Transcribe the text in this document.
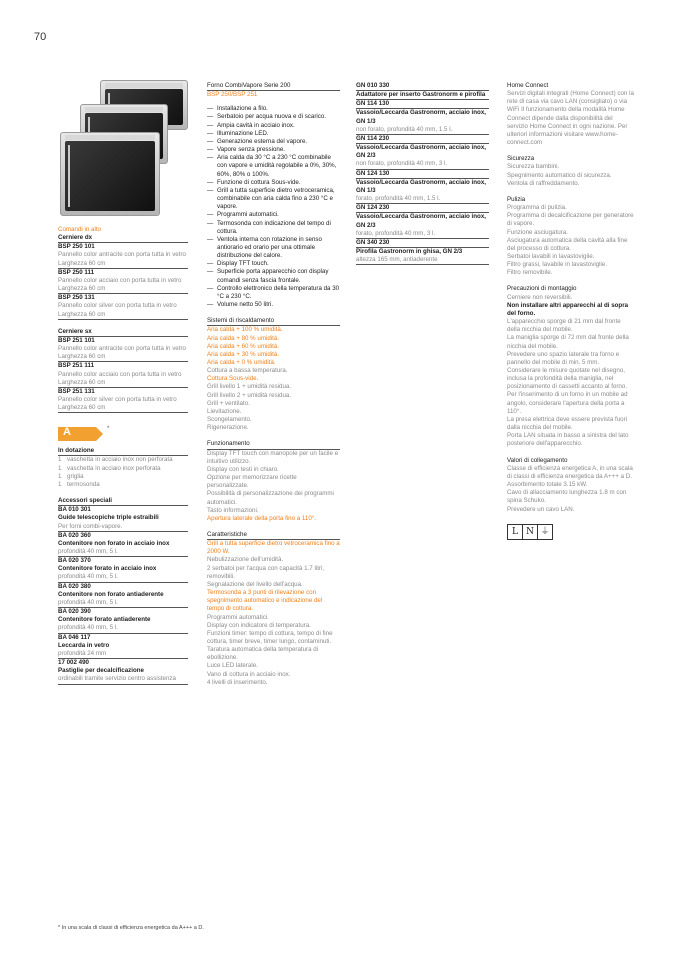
70
Comandi in alto
Cerniere dx
BSP 250 101
Pannello color antracite con porta tutta in vetro
Larghezza 60 cm
BSP 250 111
Pannello color acciaio con porta tutta in vetro
Larghezza 60 cm
BSP 250 131
Pannello color silver con porta tutta in vetro
Larghezza 60 cm
Cerniere sx
BSP 251 101
Pannello color antracite con porta tutta in vetro
Larghezza 60 cm
BSP 251 111
Pannello color acciaio con porta tutta in vetro
Larghezza 60 cm
BSP 251 131
Pannello color silver con porta tutta in vetro
Larghezza 60 cm
A	*
In dotazione
1 vaschetta in acciaio inox non perforata
1 vaschetta in acciaio inox perforata
1 griglia
1 termosonda
Accessori speciali
BA 010 301
Guide telescopiche triple estraibili
Per forni combi-vapore.
BA 020 360
Contenitore non forato in acciaio inox
profondità 40 mm, 5 l.
BA 020 370
Contenitore forato in acciaio inox
profondità 40 mm, 5 l.
BA 020 380
Contenitore non forato antiaderente
profondità 40 mm, 5 l.
BA 020 390
Contenitore forato antiaderente
profondità 40 mm, 5 l.
BA 046 117
Leccarda in vetro
profondità 24 mm
17 002 490
Pastiglie per decalcificazione
ordinabili tramite servizio centro assistenza
Forno CombiVapore Serie 200
BSP 250/BSP 251
— Installazione a filo.
— Serbatoio per acqua nuova e di scarico.
— Ampia cavità in acciaio inox.
— Illuminazione LED.
— Generazione esterna del vapore.
— Vapore senza pressione.
— Aria calda da 30 °C a 230 °C combinabile con vapore e umidità regolabile a 0%, 30%, 60%, 80% o 100%.
— Funzione di cottura Sous-vide.
— Grill a tutta superficie dietro vetroceramica, combinabile con aria calda fino a 230 °C e vapore.
— Programmi automatici.
— Termosonda con indicazione del tempo di cottura.
— Ventola interna con rotazione in senso antiorario ed orario per una ottimale distribuzione del calore.
— Display TFT touch.
— Superficie porta apparecchio con display comandi senza fascia frontale.
— Controllo elettronico della temperatura da 30 °C a 230 °C.
— Volume netto 50 litri.
Sistemi di riscaldamento
Aria calda + 100 % umidità.
Aria calda + 80 % umidità.
Aria calda + 60 % umidità.
Aria calda + 30 % umidità.
Aria calda + 0 % umidità.
Cottura a bassa temperatura.
Cottura Sous-vide.
Grill livello 1 + umidità residua.
Grill livello 2 + umidità residua.
Grill + ventilato.
Lievitazione.
Scongelamento.
Rigenerazione.
Funzionamento
Display TFT touch con manopole per un facile e intuitivo utilizzo.
Display con testi in chiaro.
Opzione per memorizzare ricette personalizzate.
Possibilità di personalizzazione dei programmi automatici.
Tasto informazioni.
Apertura laterale della porta fino a 110°.
Caratteristiche
Grill a tutta superficie dietro vetroceramica fino a 2000 W.
Nebulizzazione dell'umidità.
2 serbatoi per l'acqua con capacità 1.7 litri, removibili.
Segnalazione del livello dell'acqua.
Termosonda a 3 punti di rilevazione con spegnimento automatico e indicazione del tempo di cottura.
Programmi automatici.
Display con indicatore di temperatura.
Funzioni timer: tempo di cottura, tempo di fine cottura, timer breve, timer lungo, contaminuti.
Taratura automatica della temperatura di ebollizione.
Luce LED laterale.
Vano di cottura in acciaio inox.
4 livelli di inserimento.
GN 010 330
Adattatore per inserto Gastronorm e pirofila
GN 114 130
Vassoio/Leccarda Gastronorm, acciaio inox, GN 1/3
non forato, profondità 40 mm, 1.5 l.
GN 114 230
Vassoio/Leccarda Gastronorm, acciaio inox, GN 2/3
non forato, profondità 40 mm, 3 l.
GN 124 130
Vassoio/Leccarda Gastronorm, acciaio inox, GN 1/3
forato, profondità 40 mm, 1.5 l.
GN 124 230
Vassoio/Leccarda Gastronorm, acciaio inox, GN 2/3
forato, profondità 40 mm, 3 l.
GN 340 230
Pirofila Gastronorm in ghisa, GN 2/3
altezza 165 mm, antiaderente
Home Connect
Servizi digitali integrati (Home Connect) con la rete di casa via cavo LAN (consigliato) o via WiFi Il funzionamento della modalità Home Connect dipende dalla disponibilità del servizio Home Connect in ogni nazione. Per ulteriori informazioni visitare www.home-connect.com
Sicurezza
Sicurezza bambini.
Spegnimento automatico di sicurezza.
Ventola di raffreddamento.
Pulizia
Programma di pulizia.
Programma di decalcificazione per generatore di vapore.
Funzione asciugatura.
Asciugatura automatica della cavità alla fine del processo di cottura.
Serbatoi lavabili in lavastoviglie.
Filtro grassi, lavabile in lavastoviglie.
Filtro removibile.
Precauzioni di montaggio
Cerniere non reversibili.
Non installare altri apparecchi al di sopra del forno.
L'apparecchio sporge di 21 mm dal fronte della nicchia del mobile.
La maniglia sporge di 72 mm dal fronte della nicchia del mobile.
Prevedere uno spazio laterale tra forno e pannello del mobile di min. 5 mm.
Considerare le misure quotate nel disegno, inclusa la profondità della maniglia, nel posizionamento di cassetti accanto al forno.
Per l'inserimento di un forno in un mobile ad angolo, considerare l'apertura della porta a 110°.
La presa elettrica deve essere prevista fuori dalla nicchia del mobile.
Porta LAN situata in basso a sinistra del lato posteriore dell'apparecchio.
Valori di collegamento
Classe di efficienza energetica A, in una scala di classi di efficienza energetica da A+++ a D.
Assorbimento totale 3.15 kW.
Cavo di allacciamento lunghezza 1.8 m con spina Schuko.
Prevedere un cavo LAN.
L N ⏚
* In una scala di classi di efficienza energetica da A+++ a D.
